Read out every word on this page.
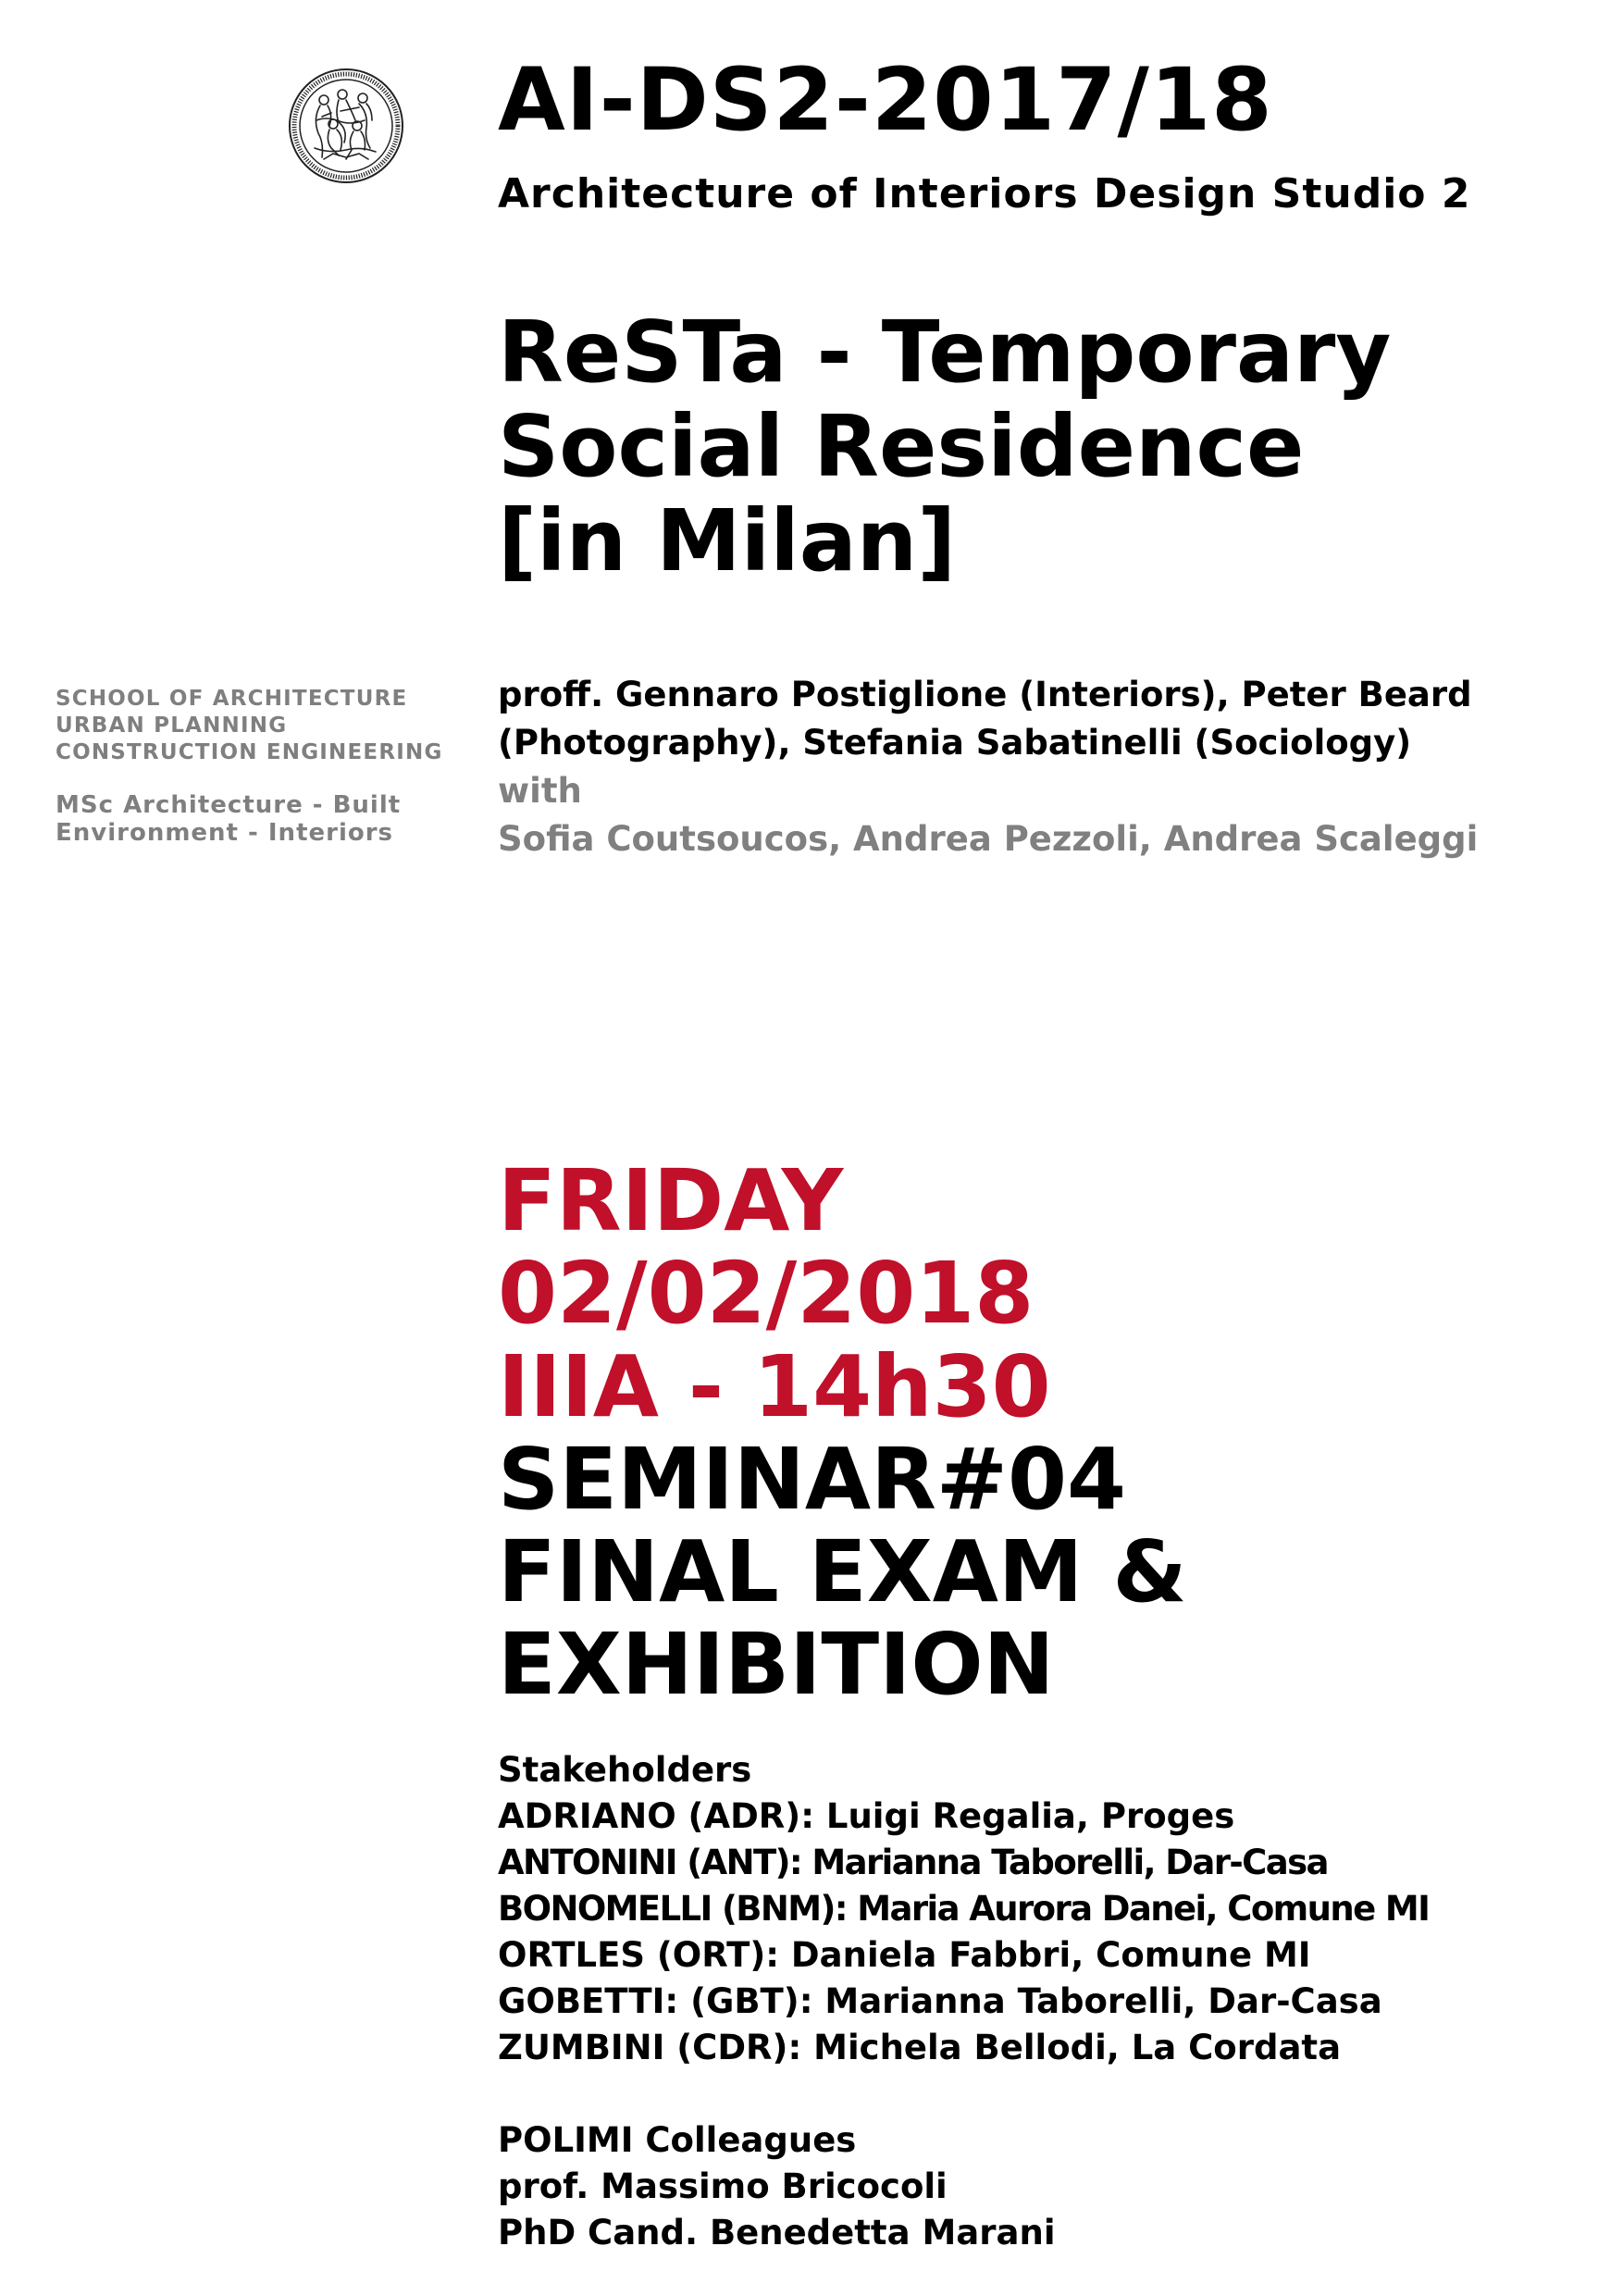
AI-DS2-2017/18
Architecture of Interiors Design Studio 2
ReSTa - Temporary
Social Residence
[in Milan]
SCHOOL OF ARCHITECTURE
URBAN PLANNING
CONSTRUCTION ENGINEERING
MSc Architecture - Built
Environment - Interiors
proff. Gennaro Postiglione (Interiors), Peter Beard
(Photography), Stefania Sabatinelli (Sociology)
with
Sofia Coutsoucos, Andrea Pezzoli, Andrea Scaleggi
FRIDAY
02/02/2018
IIIA - 14h30
SEMINAR#04
FINAL EXAM &
EXHIBITION
Stakeholders
ADRIANO (ADR): Luigi Regalia, Proges
ANTONINI (ANT): Marianna Taborelli, Dar-Casa
BONOMELLI (BNM): Maria Aurora Danei, Comune MI
ORTLES (ORT): Daniela Fabbri, Comune MI
GOBETTI: (GBT): Marianna Taborelli, Dar-Casa
ZUMBINI (CDR): Michela Bellodi, La Cordata
POLIMI Colleagues
prof. Massimo Bricocoli
PhD Cand. Benedetta Marani
